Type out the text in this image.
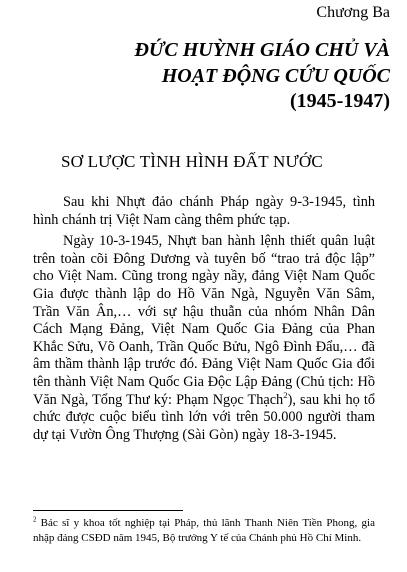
Chương Ba
ĐỨC HUỲNH GIÁO CHỦ VÀ
HOẠT ĐỘNG CỨU QUỐC
(1945-1947)
SƠ LƯỢC TÌNH HÌNH ĐẤT NƯỚC

Sau khi Nhựt đảo chánh Pháp ngày 9-3-1945, tình hình chánh trị Việt Nam càng thêm phức tạp.

Ngày 10-3-1945, Nhựt ban hành lệnh thiết quân luật trên toàn cõi Đông Dương và tuyên bố “trao trả độc lập” cho Việt Nam. Cũng trong ngày nầy, đảng Việt Nam Quốc Gia được thành lập do Hồ Văn Ngà, Nguyễn Văn Sâm, Trần Văn Ân,… với sự hậu thuẫn của nhóm Nhân Dân Cách Mạng Đảng, Việt Nam Quốc Gia Đảng của Phan Khắc Sửu, Võ Oanh, Trần Quốc Bửu, Ngô Đình Đẩu,… đã âm thầm thành lập trước đó. Đảng Việt Nam Quốc Gia đổi tên thành Việt Nam Quốc Gia Độc Lập Đảng (Chủ tịch: Hồ Văn Ngà, Tổng Thư ký: Phạm Ngọc Thạch$^2$), sau khi họ tổ chức được cuộc biểu tình lớn với trên 50.000 người tham dự tại Vườn Ông Thượng (Sài Gòn) ngày 18-3-1945.

$^2$ Bác sĩ y khoa tốt nghiệp tại Pháp, thủ lãnh Thanh Niên Tiền Phong, gia nhập đảng CSĐD năm 1945, Bộ trưởng Y tế của Chánh phủ Hồ Chí Minh.
